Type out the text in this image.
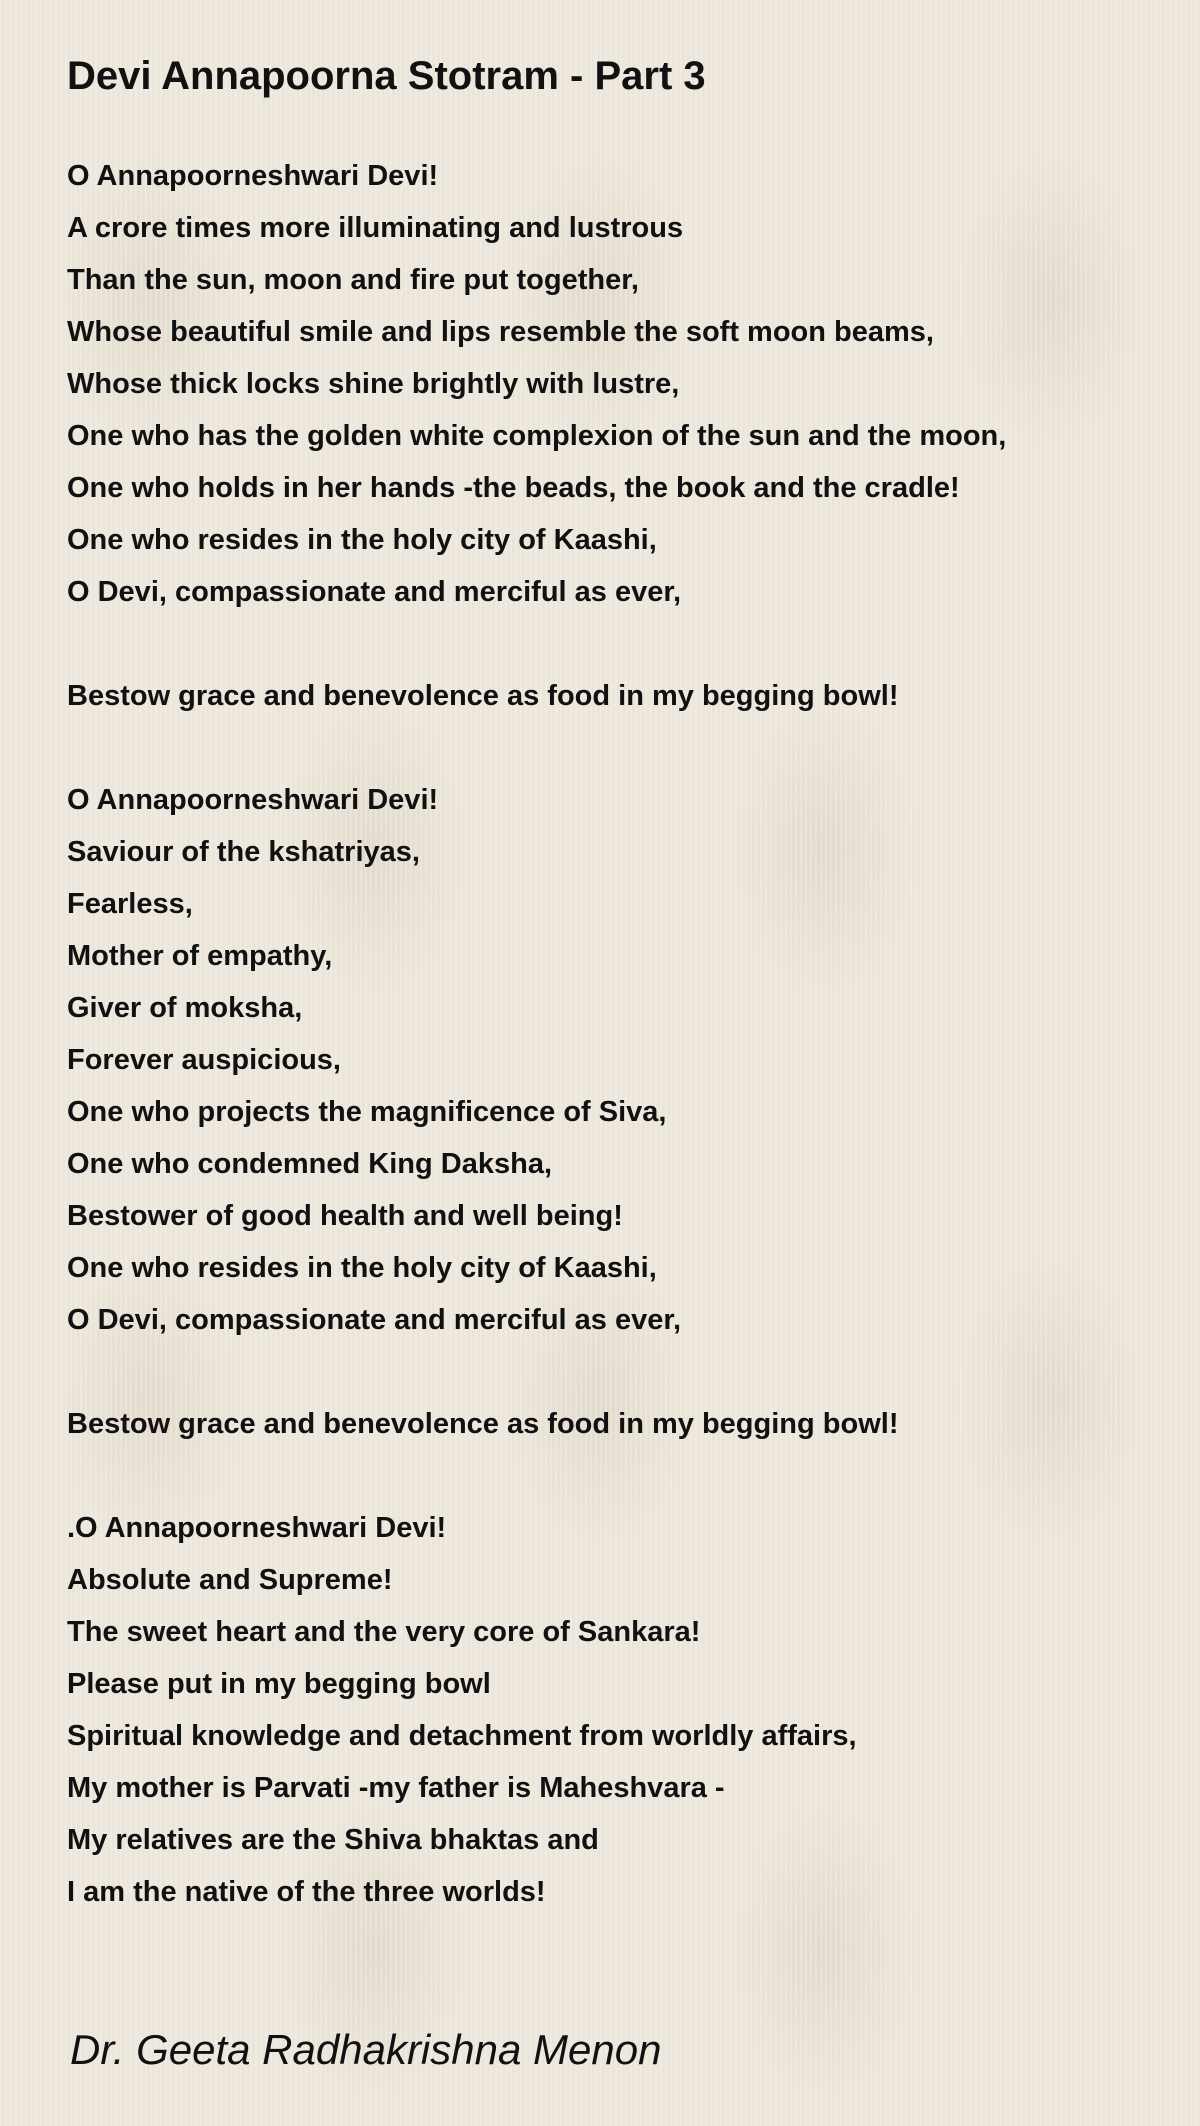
Devi Annapoorna Stotram - Part 3
O Annapoorneshwari Devi!
A crore times more illuminating and lustrous
Than the sun, moon and fire put together,
Whose beautiful smile and lips resemble the soft moon beams,
Whose thick locks shine brightly with lustre,
One who has the golden white complexion of the sun and the moon,
One who holds in her hands -the beads, the book and the cradle!
One who resides in the holy city of Kaashi,
O Devi, compassionate and merciful as ever,
Bestow grace and benevolence as food in my begging bowl!
O Annapoorneshwari Devi!
Saviour of the kshatriyas,
Fearless,
Mother of empathy,
Giver of moksha,
Forever auspicious,
One who projects the magnificence of Siva,
One who condemned King Daksha,
Bestower of good health and well being!
One who resides in the holy city of Kaashi,
O Devi, compassionate and merciful as ever,
Bestow grace and benevolence as food in my begging bowl!
.O Annapoorneshwari Devi!
Absolute and Supreme!
The sweet heart and the very core of Sankara!
Please put in my begging bowl
Spiritual knowledge and detachment from worldly affairs,
My mother is Parvati -my father is Maheshvara -
My relatives are the Shiva bhaktas and
I am the native of the three worlds!
Dr. Geeta Radhakrishna Menon
